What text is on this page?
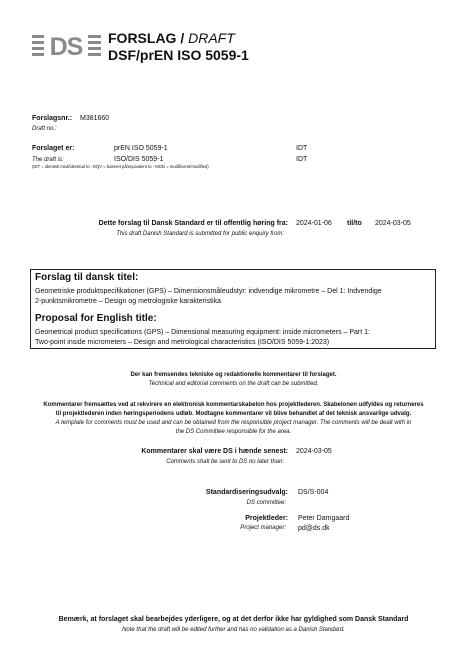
DS FORSLAG / DRAFT
DSF/prEN ISO 5059-1
Forslagsnr.: M381660
Draft no.:
Forslaget er:	prEN ISO 5059-1	IDT
The draft is:	ISO/DIS 5059-1	IDT
(IDT = identisk med/identical to - EQV = baseret på/equivalent to - MOD = modificeret/modified)
Dette forslag til Dansk Standard er til offentlig høring fra: 2024-01-06 til/to 2024-03-05
This draft Danish Standard is submitted for public enquiry from:
Forslag til dansk titel:
Geometriske produktspecifikationer (GPS) – Dimensionsmåleudstyr: indvendige mikrometre – Del 1: Indvendige
2-punktsmikrometre – Design og metrologiske karakteristika
Proposal for English title:
Geometrical product specifications (GPS) – Dimensional measuring equipment: inside micrometers – Part 1:
Two-point inside micrometers – Design and metrological characteristics (ISO/DIS 5059-1:2023)
Der kan fremsendes tekniske og redaktionelle kommentarer til forslaget.
Technical and editorial comments on the draft can be submitted.
Kommentarer fremsættes ved at rekvirere en elektronisk kommentarskabelon hos projektlederen. Skabelonen udfyldes og returneres
til projektlederen inden høringsperiodens udløb. Modtagne kommentarer vil blive behandlet af det teknisk ansvarlige udvalg.
A template for comments must be used and can be obtained from the responsible project manager. The comments will be dealt with in
the DS Committee responsible for the area.
Kommentarer skal være DS i hænde senest: 2024-03-05
Comments shall be sent to DS no later than:
Standardiseringsudvalg: DS/S-004
DS committee:
Projektleder: Peter Damgaard
Project manager: pd@ds.dk
Bemærk, at forslaget skal bearbejdes yderligere, og at det derfor ikke har gyldighed som Dansk Standard
Note that the draft will be edited further and has no validation as a Danish Standard.
